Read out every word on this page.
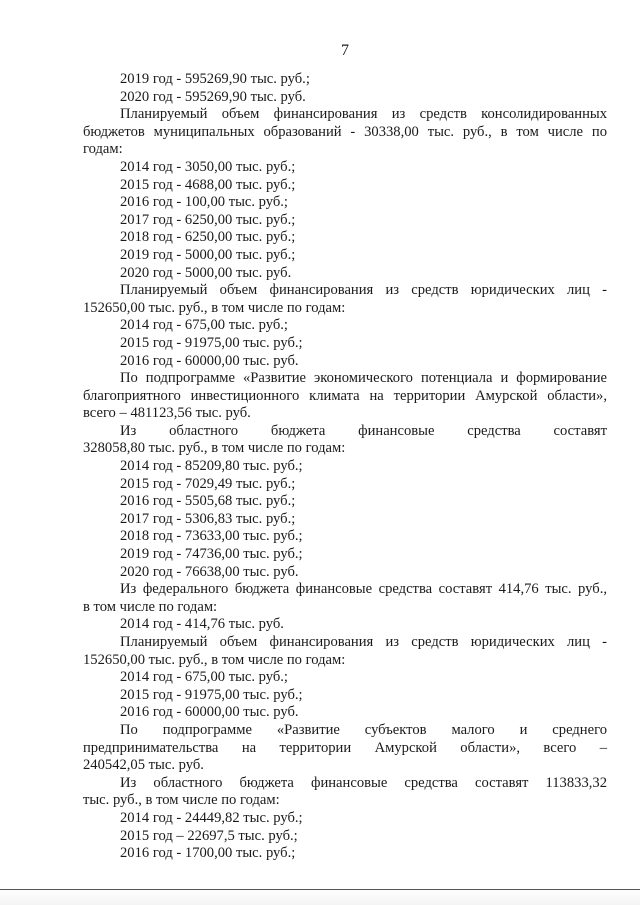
7
2019 год - 595269,90 тыс. руб.;
2020 год - 595269,90 тыс. руб.
Планируемый объем финансирования из средств консолидированных
бюджетов муниципальных образований - 30338,00 тыс. руб., в том числе по
годам:
2014 год - 3050,00 тыс. руб.;
2015 год - 4688,00 тыс. руб.;
2016 год - 100,00 тыс. руб.;
2017 год - 6250,00 тыс. руб.;
2018 год - 6250,00 тыс. руб.;
2019 год - 5000,00 тыс. руб.;
2020 год - 5000,00 тыс. руб.
Планируемый объем финансирования из средств юридических лиц -
152650,00 тыс. руб., в том числе по годам:
2014 год - 675,00 тыс. руб.;
2015 год - 91975,00 тыс. руб.;
2016 год - 60000,00 тыс. руб.
По подпрограмме «Развитие экономического потенциала и формирование
благоприятного инвестиционного климата на территории Амурской области»,
всего – 481123,56 тыс. руб.
Из областного бюджета финансовые средства составят
328058,80 тыс. руб., в том числе по годам:
2014 год - 85209,80 тыс. руб.;
2015 год - 7029,49 тыс. руб.;
2016 год - 5505,68 тыс. руб.;
2017 год - 5306,83 тыс. руб.;
2018 год - 73633,00 тыс. руб.;
2019 год - 74736,00 тыс. руб.;
2020 год - 76638,00 тыс. руб.
Из федерального бюджета финансовые средства составят 414,76 тыс. руб.,
в том числе по годам:
2014 год - 414,76 тыс. руб.
Планируемый объем финансирования из средств юридических лиц -
152650,00 тыс. руб., в том числе по годам:
2014 год - 675,00 тыс. руб.;
2015 год - 91975,00 тыс. руб.;
2016 год - 60000,00 тыс. руб.
По подпрограмме «Развитие субъектов малого и среднего
предпринимательства на территории Амурской области», всего –
240542,05 тыс. руб.
Из областного бюджета финансовые средства составят 113833,32
тыс. руб., в том числе по годам:
2014 год - 24449,82 тыс. руб.;
2015 год – 22697,5 тыс. руб.;
2016 год - 1700,00 тыс. руб.;
